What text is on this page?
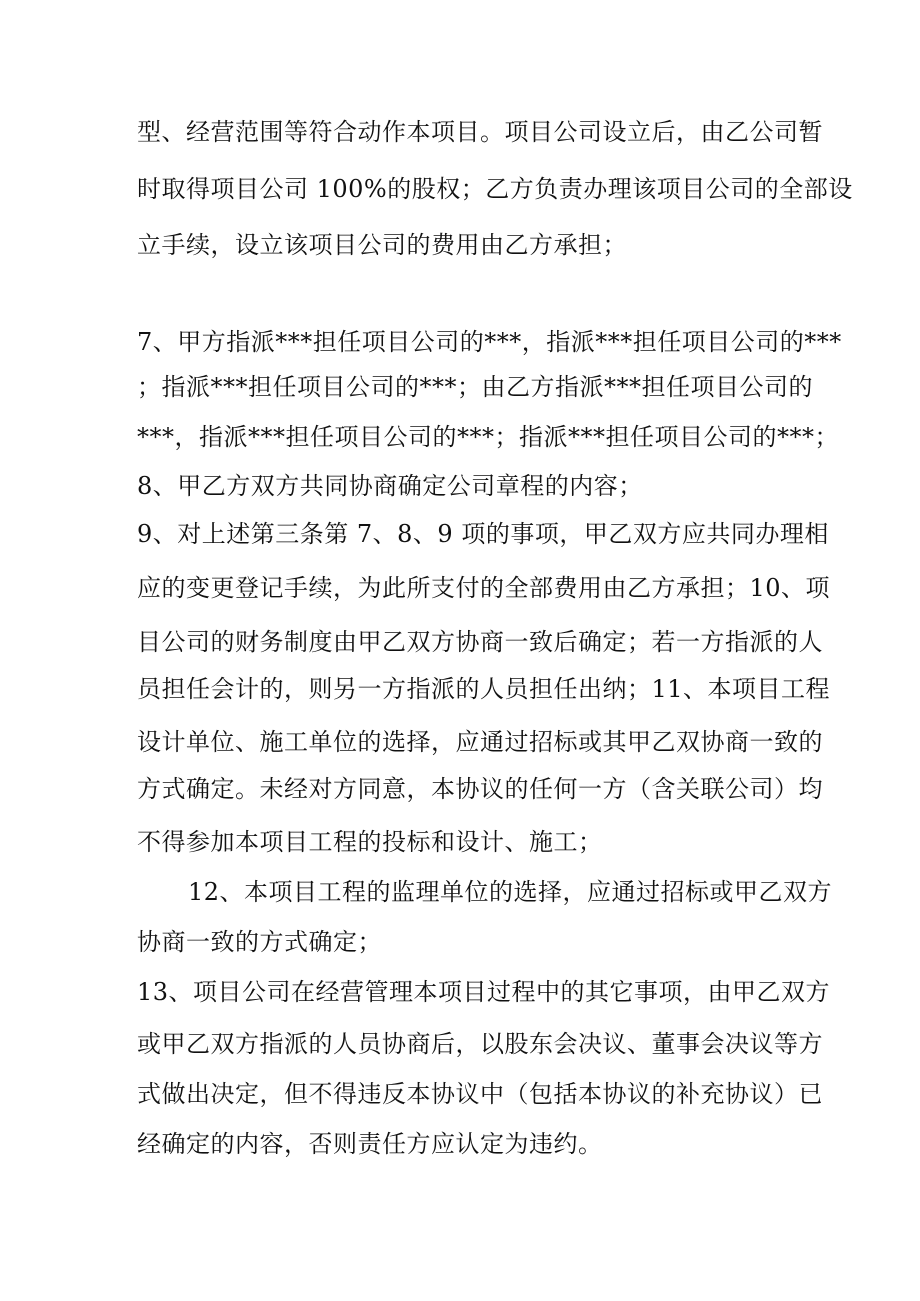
型、经营范围等符合动作本项目。项目公司设立后，由乙公司暂
时取得项目公司 100%的股权；乙方负责办理该项目公司的全部设
立手续，设立该项目公司的费用由乙方承担；
7、甲方指派***担任项目公司的***，指派***担任项目公司的***
；指派***担任项目公司的***；由乙方指派***担任项目公司的
***，指派***担任项目公司的***；指派***担任项目公司的***；
8、甲乙方双方共同协商确定公司章程的内容；
9、对上述第三条第 7、8、9 项的事项，甲乙双方应共同办理相
应的变更登记手续，为此所支付的全部费用由乙方承担；10、项
目公司的财务制度由甲乙双方协商一致后确定；若一方指派的人
员担任会计的，则另一方指派的人员担任出纳；11、本项目工程
设计单位、施工单位的选择，应通过招标或其甲乙双协商一致的
方式确定。未经对方同意，本协议的任何一方（含关联公司）均
不得参加本项目工程的投标和设计、施工；
12、本项目工程的监理单位的选择，应通过招标或甲乙双方
协商一致的方式确定；
13、项目公司在经营管理本项目过程中的其它事项，由甲乙双方
或甲乙双方指派的人员协商后，以股东会决议、董事会决议等方
式做出决定，但不得违反本协议中（包括本协议的补充协议）已
经确定的内容，否则责任方应认定为违约。
